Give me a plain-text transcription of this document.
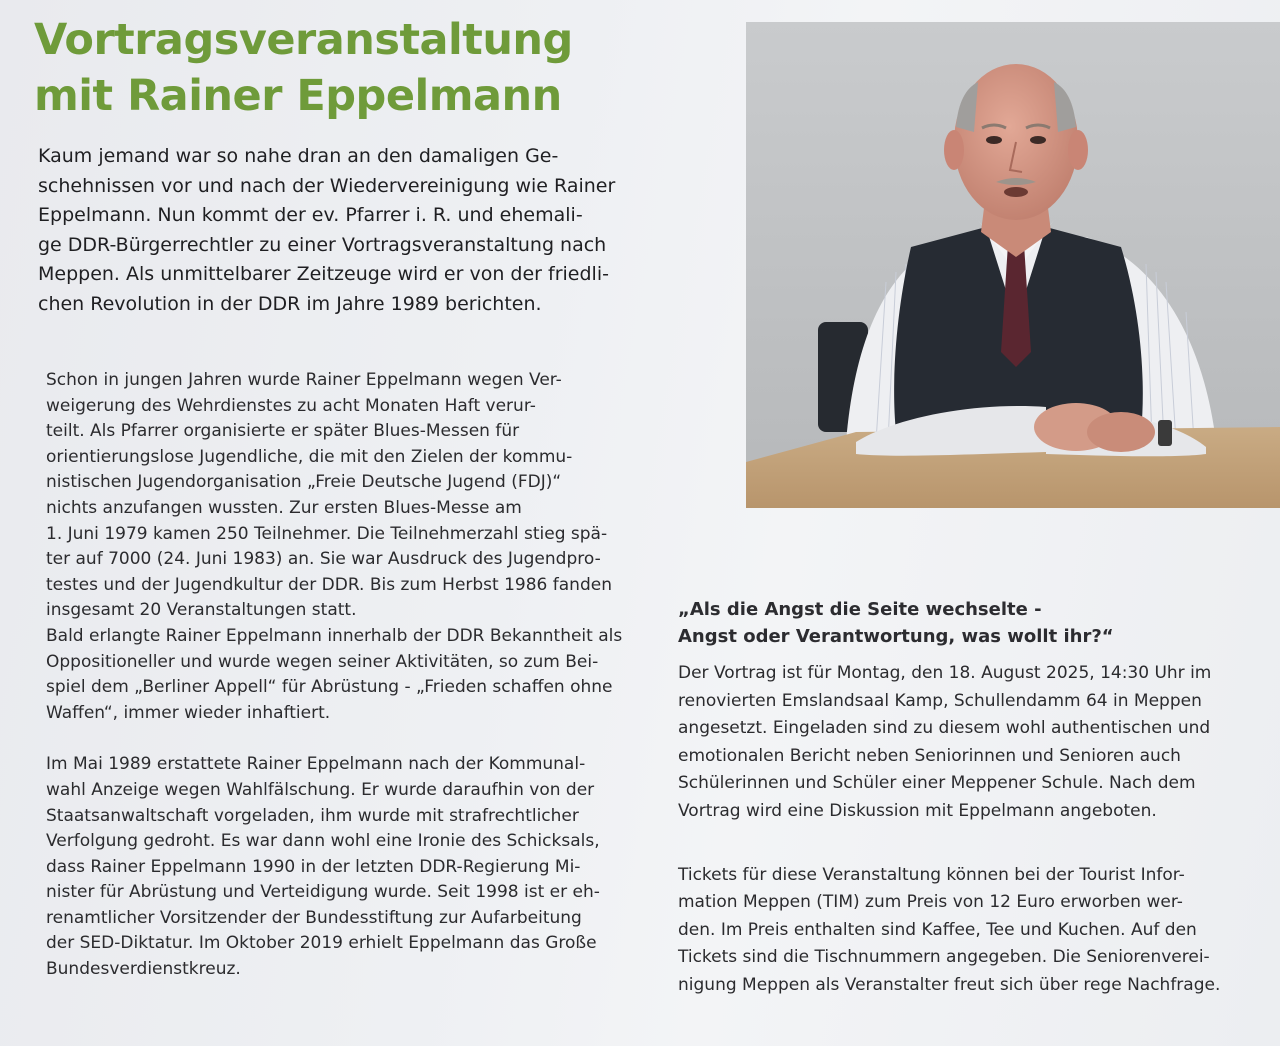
Vortragsveranstaltung
mit Rainer Eppelmann

Kaum jemand war so nahe dran an den damaligen Ge-
schehnissen vor und nach der Wiedervereinigung wie Rainer
Eppelmann. Nun kommt der ev. Pfarrer i. R. und ehemali-
ge DDR-Bürgerrechtler zu einer Vortragsveranstaltung nach
Meppen. Als unmittelbarer Zeitzeuge wird er von der friedli-
chen Revolution in der DDR im Jahre 1989 berichten.

Schon in jungen Jahren wurde Rainer Eppelmann wegen Ver-
weigerung des Wehrdienstes zu acht Monaten Haft verur-
teilt. Als Pfarrer organisierte er später Blues-Messen für
orientierungslose Jugendliche, die mit den Zielen der kommu-
nistischen Jugendorganisation „Freie Deutsche Jugend (FDJ)“
nichts anzufangen wussten. Zur ersten Blues-Messe am
1. Juni 1979 kamen 250 Teilnehmer. Die Teilnehmerzahl stieg spä-
ter auf 7000 (24. Juni 1983) an. Sie war Ausdruck des Jugendpro-
testes und der Jugendkultur der DDR. Bis zum Herbst 1986 fanden
insgesamt 20 Veranstaltungen statt.
Bald erlangte Rainer Eppelmann innerhalb der DDR Bekanntheit als
Oppositioneller und wurde wegen seiner Aktivitäten, so zum Bei-
spiel dem „Berliner Appell“ für Abrüstung - „Frieden schaffen ohne
Waffen“, immer wieder inhaftiert.
Im Mai 1989 erstattete Rainer Eppelmann nach der Kommunal-
wahl Anzeige wegen Wahlfälschung. Er wurde daraufhin von der
Staatsanwaltschaft vorgeladen, ihm wurde mit strafrechtlicher
Verfolgung gedroht. Es war dann wohl eine Ironie des Schicksals,
dass Rainer Eppelmann 1990 in der letzten DDR-Regierung Mi-
nister für Abrüstung und Verteidigung wurde. Seit 1998 ist er eh-
renamtlicher Vorsitzender der Bundesstiftung zur Aufarbeitung
der SED-Diktatur. Im Oktober 2019 erhielt Eppelmann das Große
Bundesverdienstkreuz.
„Als die Angst die Seite wechselte -
Angst oder Verantwortung, was wollt ihr?“
Der Vortrag ist für Montag, den 18. August 2025, 14:30 Uhr im
renovierten Emslandsaal Kamp, Schullendamm 64 in Meppen
angesetzt. Eingeladen sind zu diesem wohl authentischen und
emotionalen Bericht neben Seniorinnen und Senioren auch
Schülerinnen und Schüler einer Meppener Schule. Nach dem
Vortrag wird eine Diskussion mit Eppelmann angeboten.
Tickets für diese Veranstaltung können bei der Tourist Infor-
mation Meppen (TIM) zum Preis von 12 Euro erworben wer-
den. Im Preis enthalten sind Kaffee, Tee und Kuchen. Auf den
Tickets sind die Tischnummern angegeben. Die Seniorenverei-
nigung Meppen als Veranstalter freut sich über rege Nachfrage.
